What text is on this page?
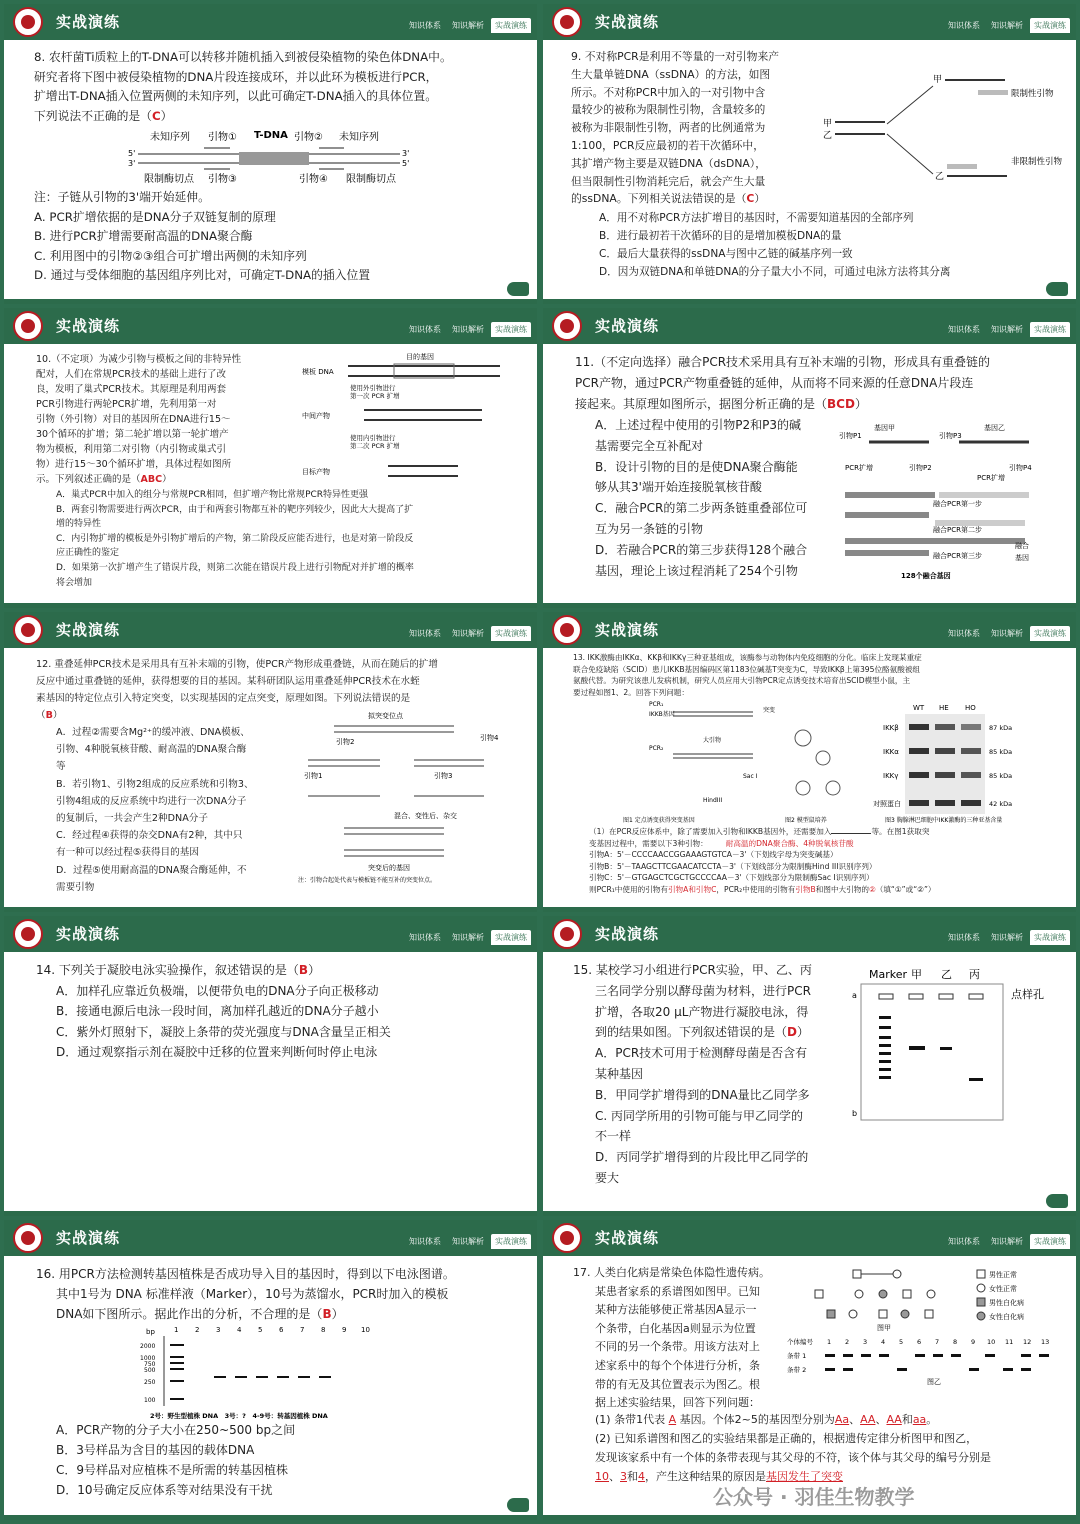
实战演练	知识体系	知识解析	实战演练

8. 农杆菌Ti质粒上的T-DNA可以转移并随机插入到被侵染植物的染色体DNA中。

研究者将下图中被侵染植物的DNA片段连接成环，并以此环为模板进行PCR，

扩增出T-DNA插入位置两侧的未知序列，以此可确定T-DNA插入的具体位置。

下列说法不正确的是（C）

注：子链从引物的3'端开始延伸。

A. PCR扩增依据的是DNA分子双链复制的原理

B. 进行PCR扩增需要耐高温的DNA聚合酶

C. 利用图中的引物②③组合可扩增出两侧的未知序列

D. 通过与受体细胞的基因组序列比对，可确定T-DNA的插入位置

未知序列 引物① T-DNA 引物② 未知序列
5'
3'
3'
5'
限制酶切点 引物③	引物④ 限制酶切点
实战演练	知识体系	知识解析	实战演练

9. 不对称PCR是利用不等量的一对引物来产

生大量单链DNA（ssDNA）的方法，如图

所示。不对称PCR中加入的一对引物中含

量较少的被称为限制性引物，含量较多的

被称为非限制性引物，两者的比例通常为

1:100，PCR反应最初的若干次循环中，

其扩增产物主要是双链DNA（dsDNA），

但当限制性引物消耗完后，就会产生大量

的ssDNA。下列相关说法错误的是（C）

A．用不对称PCR方法扩增目的基因时，不需要知道基因的全部序列

B．进行最初若干次循环的目的是增加模板DNA的量

C．最后大量获得的ssDNA与图中乙链的碱基序列一致

D．因为双链DNA和单链DNA的分子量大小不同，可通过电泳方法将其分离

甲
乙
甲
限制性引物
乙
非限制性引物
实战演练	知识体系	知识解析	实战演练

10.（不定项）为减少引物与模板之间的非特异性

配对，人们在常规PCR技术的基础上进行了改

良，发明了巢式PCR技术。其原理是利用两套

PCR引物进行两轮PCR扩增，先利用第一对

引物（外引物）对目的基因所在DNA进行15～

30个循环的扩增；第二轮扩增以第一轮扩增产

物为模板，利用第二对引物（内引物或巢式引

物）进行15～30个循环扩增，具体过程如图所

示。下列叙述正确的是（ABC）

A．巢式PCR中加入的组分与常规PCR相同，但扩增产物比常规PCR特异性更强

B．两套引物需要进行两次PCR，由于和两套引物都互补的靶序列较少，因此大大提高了扩

增的特异性

C．内引物扩增的模板是外引物扩增后的产物，第二阶段反应能否进行，也是对第一阶段反

应正确性的鉴定

D．如果第一次扩增产生了错误片段，则第二次能在错误片段上进行引物配对并扩增的概率

将会增加

目的基因
模板 DNA
使用外引物进行
第一次 PCR 扩增
中间产物
使用内引物进行
第二次 PCR 扩增
目标产物
实战演练	知识体系	知识解析	实战演练

11.（不定向选择）融合PCR技术采用具有互补末端的引物，形成具有重叠链的

PCR产物，通过PCR产物重叠链的延伸，从而将不同来源的任意DNA片段连

接起来。其原理如图所示，据图分析正确的是（BCD）

A．上述过程中使用的引物P2和P3的碱

基需要完全互补配对

B．设计引物的目的是使DNA聚合酶能

够从其3'端开始连接脱氧核苷酸

C．融合PCR的第二步两条链重叠部位可

互为另一条链的引物

D．若融合PCR的第三步获得128个融合

基因，理论上该过程消耗了254个引物

基因甲	基因乙
引物P1	引物P3
PCR扩增	引物P2	引物P4
PCR扩增
融合PCR第一步
融合PCR第二步
融合PCR第三步
融合
基因
128个融合基因
实战演练	知识体系	知识解析	实战演练

12. 重叠延伸PCR技术是采用具有互补末端的引物，使PCR产物形成重叠链，从而在随后的扩增

反应中通过重叠链的延伸，获得想要的目的基因。某科研团队运用重叠延伸PCR技术在水蛭

素基因的特定位点引入特定突变，以实现基因的定点突变，原理如图。下列说法错误的是

（B）

A．过程②需要含Mg²⁺的缓冲液、DNA模板、

引物、4种脱氧核苷酸、耐高温的DNA聚合酶

等

B．若引物1、引物2组成的反应系统和引物3、

引物4组成的反应系统中均进行一次DNA分子

的复制后，一共会产生2种DNA分子

C．经过程④获得的杂交DNA有2种，其中只

有一种可以经过程⑤获得目的基因

D．过程⑤使用耐高温的DNA聚合酶延伸，不

需要引物

拟突变位点
引物2	引物4
引物1	引物3
混合、变性后、杂交
突变后的基因
注：引物合起处代表与模板链不能互补的突变位点。
实战演练	知识体系	知识解析	实战演练

13. IKK激酶由IKKα、KKβ和IKKγ三种亚基组成，该酶参与动物体内免疫细胞的分化。临床上发现某重症

联合免疫缺陷（SCID）患儿IKKB基因编码区第1183位碱基T突变为C，导致IKKβ上第395位酪氨酸被组

氨酸代替。为研究该患儿发病机制，研究人员应用大引物PCR定点诱变技术培育出SCID模型小鼠，主

要过程如图1、2。回答下列问题：

PCR₁
IKKB基因
PCR₂
大引物
HindIII
Sac I
突变
图1 定点诱变获得突变基因	图2 模型鼠培养	图3 胸腺淋巴细胞中IKK激酶的三种亚基含量
WT HE HO
IKKβ	87 kDa
IKKα	85 kDa
IKKγ	85 kDa
对照蛋白	42 kDa

（1）在PCR反应体系中，除了需要加入引物和IKKB基因外，还需要加入	等。在图1获取突

变基因过程中，需要以下3种引物： 耐高温的DNA聚合酶、4种脱氧核苷酸

引物A：5'－CCCCAACCGGAAAGTGTCA－3'（下划线字母为突变碱基）

引物B：5'－TAAGCTTCGAACATCCTA－3'（下划线部分为限制酶Hind III识别序列）

引物C：5'－GTGAGCTCGCTGCCCCAA－3'（下划线部分为限制酶Sac I识别序列）

则PCR₁中使用的引物有引物A和引物C，PCR₂中使用的引物有引物B和图中大引物的②（填“①”或“②”）

实战演练	知识体系	知识解析	实战演练

14. 下列关于凝胶电泳实验操作，叙述错误的是（B）

A．加样孔应靠近负极端，以便带负电的DNA分子向正极移动

B．接通电源后电泳一段时间，离加样孔越近的DNA分子越小

C．紫外灯照射下，凝胶上条带的荧光强度与DNA含量呈正相关

D．通过观察指示剂在凝胶中迁移的位置来判断何时停止电泳

实战演练	知识体系	知识解析	实战演练

15. 某校学习小组进行PCR实验，甲、乙、丙

三名同学分别以酵母菌为材料，进行PCR

扩增，各取20 μL产物进行凝胶电泳，得

到的结果如图。下列叙述错误的是（D）

A．PCR技术可用于检测酵母菌是否含有

某种基因

B．甲同学扩增得到的DNA量比乙同学多

C. 丙同学所用的引物可能与甲乙同学的

不一样

D．丙同学扩增得到的片段比甲乙同学的

要大

Marker 甲 乙 丙
点样孔
a
b
实战演练	知识体系	知识解析	实战演练

16. 用PCR方法检测转基因植株是否成功导入目的基因时，得到以下电泳图谱。

其中1号为 DNA 标准样液（Marker），10号为蒸馏水，PCR时加入的模板

DNA如下图所示。据此作出的分析，不合理的是（B）

bp	1 2 3 4 5 6 7 8 9 10
2000
1000
750
500
250
100
2号：野生型植株 DNA　3号：?　4-9号：转基因植株 DNA

A．PCR产物的分子大小在250~500 bp之间

B．3号样品为含目的基因的载体DNA

C．9号样品对应植株不是所需的转基因植株

D．10号确定反应体系等对结果没有干扰

实战演练	知识体系	知识解析	实战演练

17. 人类白化病是常染色体隐性遗传病。

某患者家系的系谱图如图甲。已知

某种方法能够使正常基因A显示一

个条带，白化基因a则显示为位置

不同的另一个条带。用该方法对上

述家系中的每个个体进行分析，条

带的有无及其位置表示为图乙。根

据上述实验结果，回答下列问题：

男性正常
女性正常
男性白化病
女性白化病
图甲
个体编号
条带 1
条带 2
1 2 3 4 5 6 7 8 9 10 11 12 13
图乙

(1) 条带1代表 A 基因。个体2~5的基因型分别为Aa、AA、AA和aa。

(2) 已知系谱图和图乙的实验结果都是正确的，根据遗传定律分析图甲和图乙，

发现该家系中有一个体的条带表现与其父母的不符，该个体与其父母的编号分别是

10、3和4，产生这种结果的原因是基因发生了突变

公众号 · 羽佳生物教学
